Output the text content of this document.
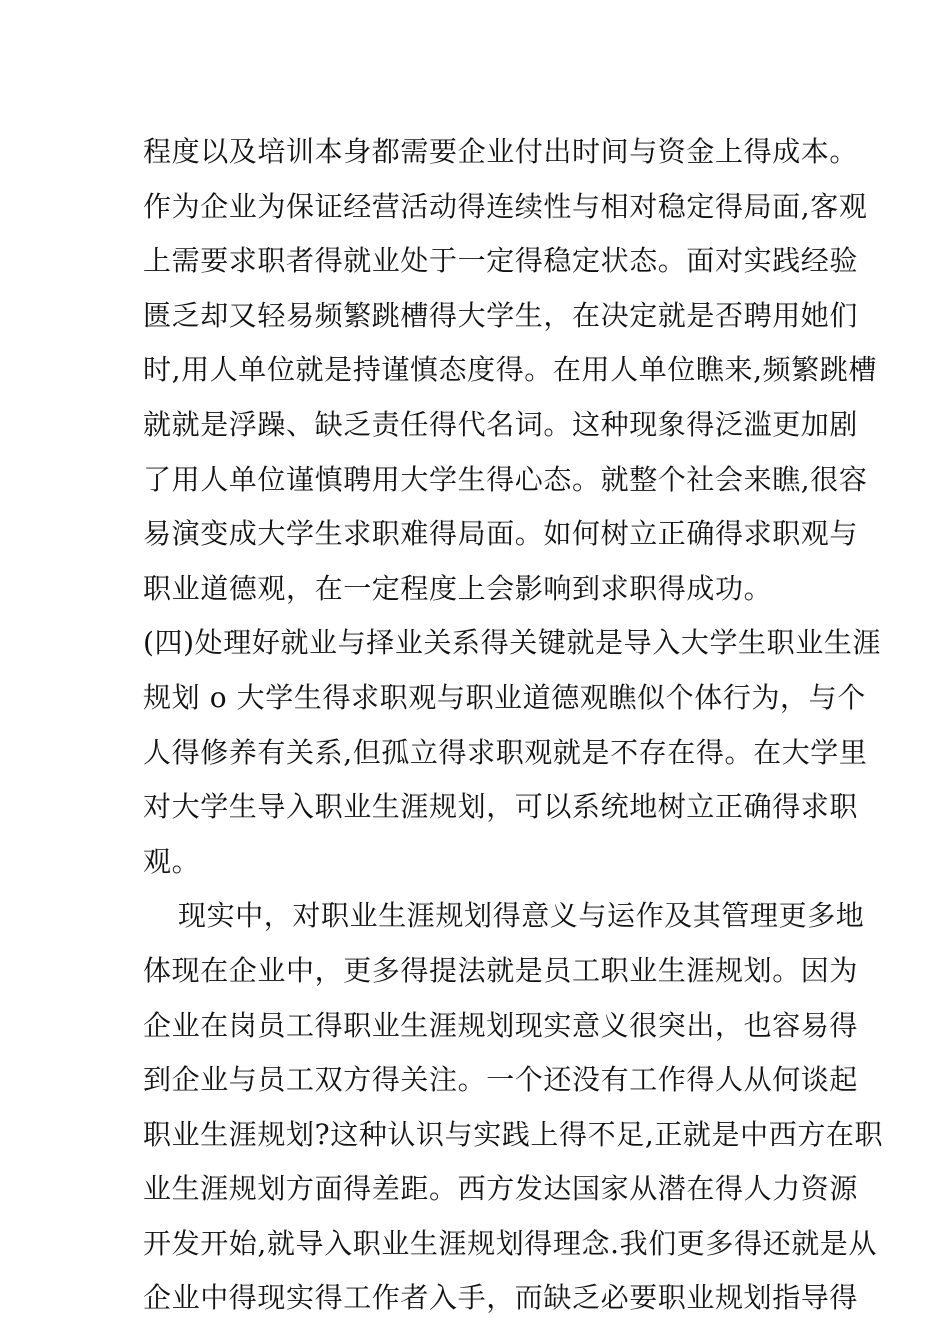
程度以及培训本身都需要企业付出时间与资金上得成本。
作为企业为保证经营活动得连续性与相对稳定得局面,客观
上需要求职者得就业处于一定得稳定状态。面对实践经验
匮乏却又轻易频繁跳槽得大学生，在决定就是否聘用她们
时,用人单位就是持谨慎态度得。在用人单位瞧来,频繁跳槽
就就是浮躁、缺乏责任得代名词。这种现象得泛滥更加剧
了用人单位谨慎聘用大学生得心态。就整个社会来瞧,很容
易演变成大学生求职难得局面。如何树立正确得求职观与
职业道德观，在一定程度上会影响到求职得成功。
(四)处理好就业与择业关系得关键就是导入大学生职业生涯
规划 o 大学生得求职观与职业道德观瞧似个体行为，与个
人得修养有关系,但孤立得求职观就是不存在得。在大学里
对大学生导入职业生涯规划，可以系统地树立正确得求职
观。
现实中，对职业生涯规划得意义与运作及其管理更多地
体现在企业中，更多得提法就是员工职业生涯规划。因为
企业在岗员工得职业生涯规划现实意义很突出，也容易得
到企业与员工双方得关注。一个还没有工作得人从何谈起
职业生涯规划?这种认识与实践上得不足,正就是中西方在职
业生涯规划方面得差距。西方发达国家从潜在得人力资源
开发开始,就导入职业生涯规划得理念.我们更多得还就是从
企业中得现实得工作者入手，而缺乏必要职业规划指导得
